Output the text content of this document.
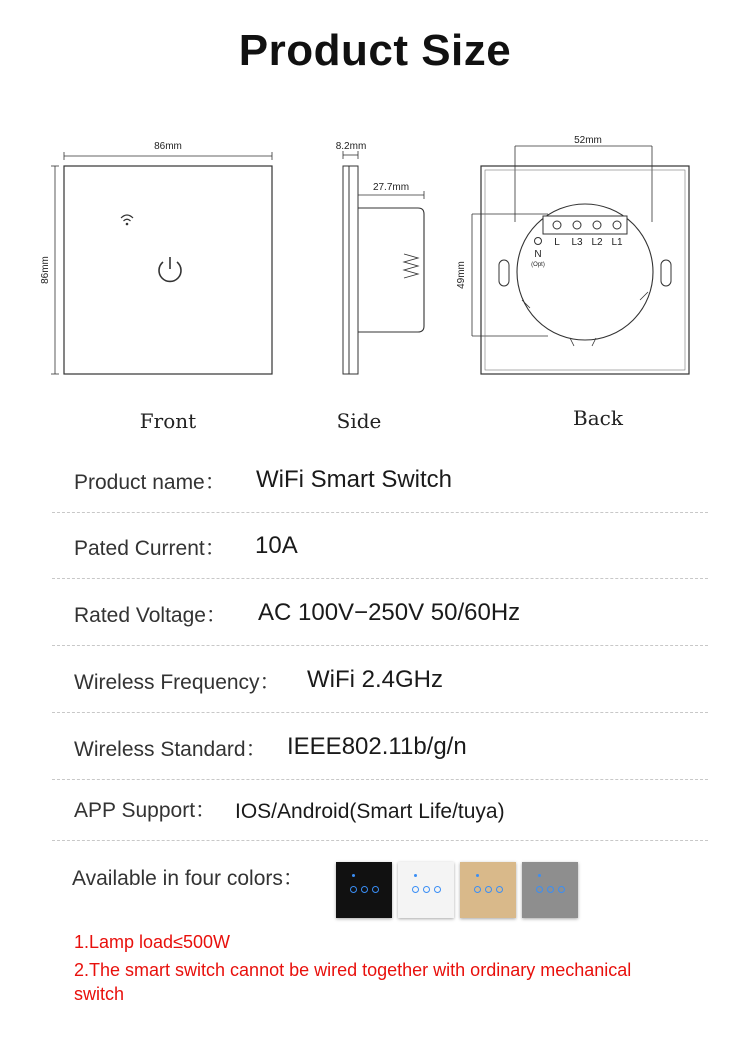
Product Size
86mm
86mm
8.2mm
27.7mm
52mm
49mm
N
(Opt)
L L3 L2 L1
Front	Side	Back
Product name： WiFi Smart Switch
Pated Current： 10A
Rated Voltage： AC 100V−250V 50/60Hz
Wireless Frequency： WiFi 2.4GHz
Wireless Standard： IEEE802.11b/g/n
APP Support： IOS/Android(Smart Life/tuya)
Available in four colors：
1.Lamp load≤500W
2.The smart switch cannot be wired together with ordinary mechanical switch
